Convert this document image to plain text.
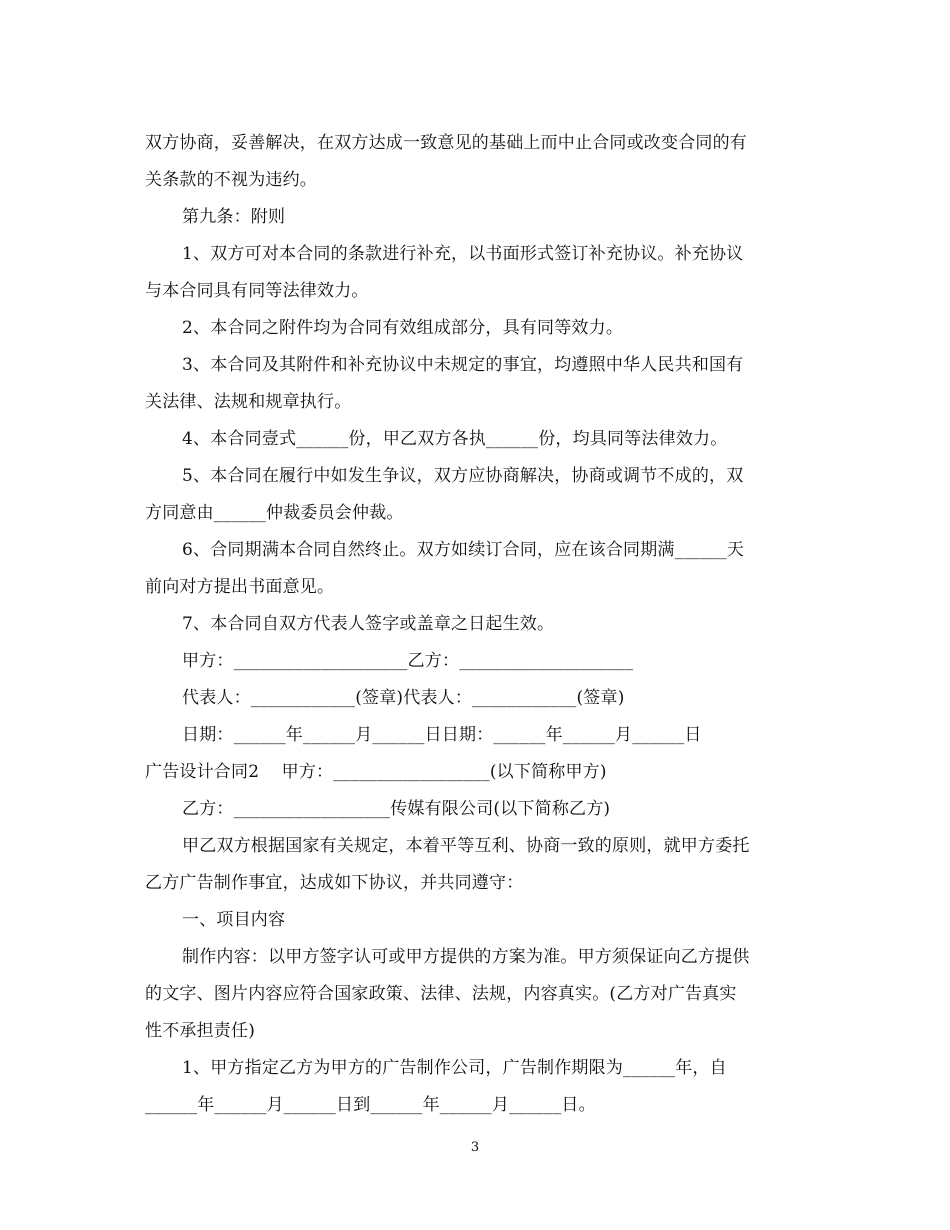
双方协商，妥善解决，在双方达成一致意见的基础上而中止合同或改变合同的有
关条款的不视为违约。
第九条：附则
1、双方可对本合同的条款进行补充，以书面形式签订补充协议。补充协议
与本合同具有同等法律效力。
2、本合同之附件均为合同有效组成部分，具有同等效力。
3、本合同及其附件和补充协议中未规定的事宜，均遵照中华人民共和国有
关法律、法规和规章执行。
4、本合同壹式______份，甲乙双方各执______份，均具同等法律效力。
5、本合同在履行中如发生争议，双方应协商解决，协商或调节不成的，双
方同意由______仲裁委员会仲裁。
6、合同期满本合同自然终止。双方如续订合同，应在该合同期满______天
前向对方提出书面意见。
7、本合同自双方代表人签字或盖章之日起生效。
甲方：____________________乙方：____________________
代表人：____________(签章)代表人：____________(签章)
日期：______年______月______日日期：______年______月______日
广告设计合同2    甲方：__________________(以下简称甲方)
乙方：__________________传媒有限公司(以下简称乙方)
甲乙双方根据国家有关规定，本着平等互利、协商一致的原则，就甲方委托
乙方广告制作事宜，达成如下协议，并共同遵守：
一、项目内容
制作内容：以甲方签字认可或甲方提供的方案为准。甲方须保证向乙方提供
的文字、图片内容应符合国家政策、法律、法规，内容真实。(乙方对广告真实
性不承担责任)
1、甲方指定乙方为甲方的广告制作公司，广告制作期限为______年，自
______年______月______日到______年______月______日。
3
